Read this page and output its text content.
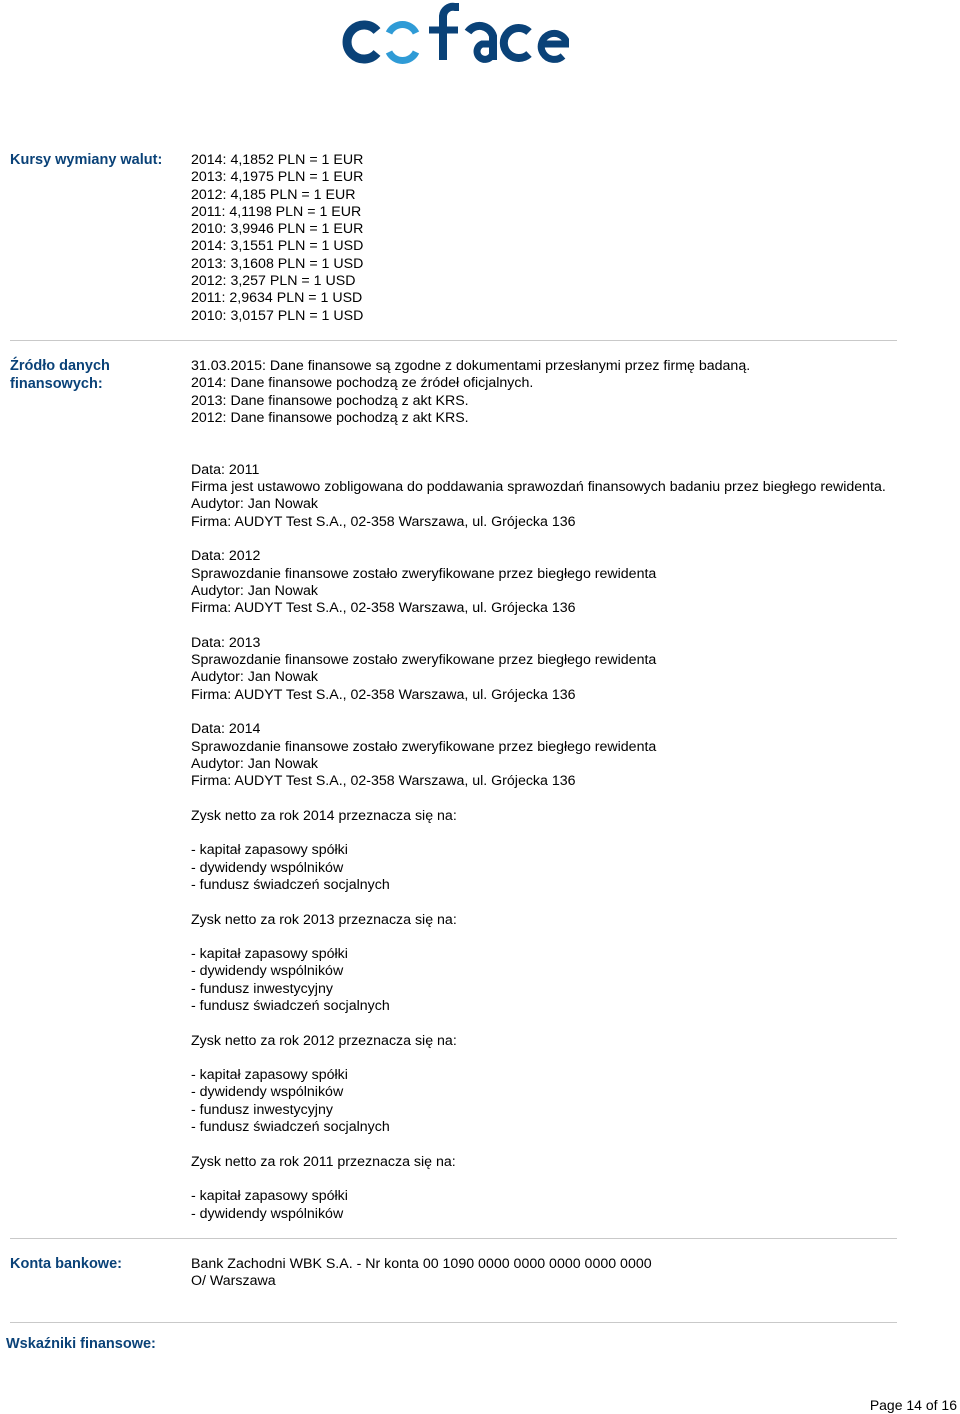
Kursy wymiany walut:	2014: 4,1852 PLN = 1 EUR
2013: 4,1975 PLN = 1 EUR
2012: 4,185 PLN = 1 EUR
2011: 4,1198 PLN = 1 EUR
2010: 3,9946 PLN = 1 EUR
2014: 3,1551 PLN = 1 USD
2013: 3,1608 PLN = 1 USD
2012: 3,257 PLN = 1 USD
2011: 2,9634 PLN = 1 USD
2010: 3,0157 PLN = 1 USD
Źródło danych finansowych:
31.03.2015: Dane finansowe są zgodne z dokumentami przesłanymi przez firmę badaną.
2014: Dane finansowe pochodzą ze źródeł oficjalnych.
2013: Dane finansowe pochodzą z akt KRS.
2012: Dane finansowe pochodzą z akt KRS.
Data: 2011
Firma jest ustawowo zobligowana do poddawania sprawozdań finansowych badaniu przez biegłego rewidenta.
Audytor: Jan Nowak
Firma: AUDYT Test S.A., 02-358 Warszawa, ul. Grójecka 136
Data: 2012
Sprawozdanie finansowe zostało zweryfikowane przez biegłego rewidenta
Audytor: Jan Nowak
Firma: AUDYT Test S.A., 02-358 Warszawa, ul. Grójecka 136
Data: 2013
Sprawozdanie finansowe zostało zweryfikowane przez biegłego rewidenta
Audytor: Jan Nowak
Firma: AUDYT Test S.A., 02-358 Warszawa, ul. Grójecka 136
Data: 2014
Sprawozdanie finansowe zostało zweryfikowane przez biegłego rewidenta
Audytor: Jan Nowak
Firma: AUDYT Test S.A., 02-358 Warszawa, ul. Grójecka 136
Zysk netto za rok 2014 przeznacza się na:
- kapitał zapasowy spółki
- dywidendy wspólników
- fundusz świadczeń socjalnych
Zysk netto za rok 2013 przeznacza się na:
- kapitał zapasowy spółki
- dywidendy wspólników
- fundusz inwestycyjny
- fundusz świadczeń socjalnych
Zysk netto za rok 2012 przeznacza się na:
- kapitał zapasowy spółki
- dywidendy wspólników
- fundusz inwestycyjny
- fundusz świadczeń socjalnych
Zysk netto za rok 2011 przeznacza się na:
- kapitał zapasowy spółki
- dywidendy wspólników
Konta bankowe:	Bank Zachodni WBK S.A. - Nr konta 00 1090 0000 0000 0000 0000 0000
O/ Warszawa
Wskaźniki finansowe:
Page 14 of 16
